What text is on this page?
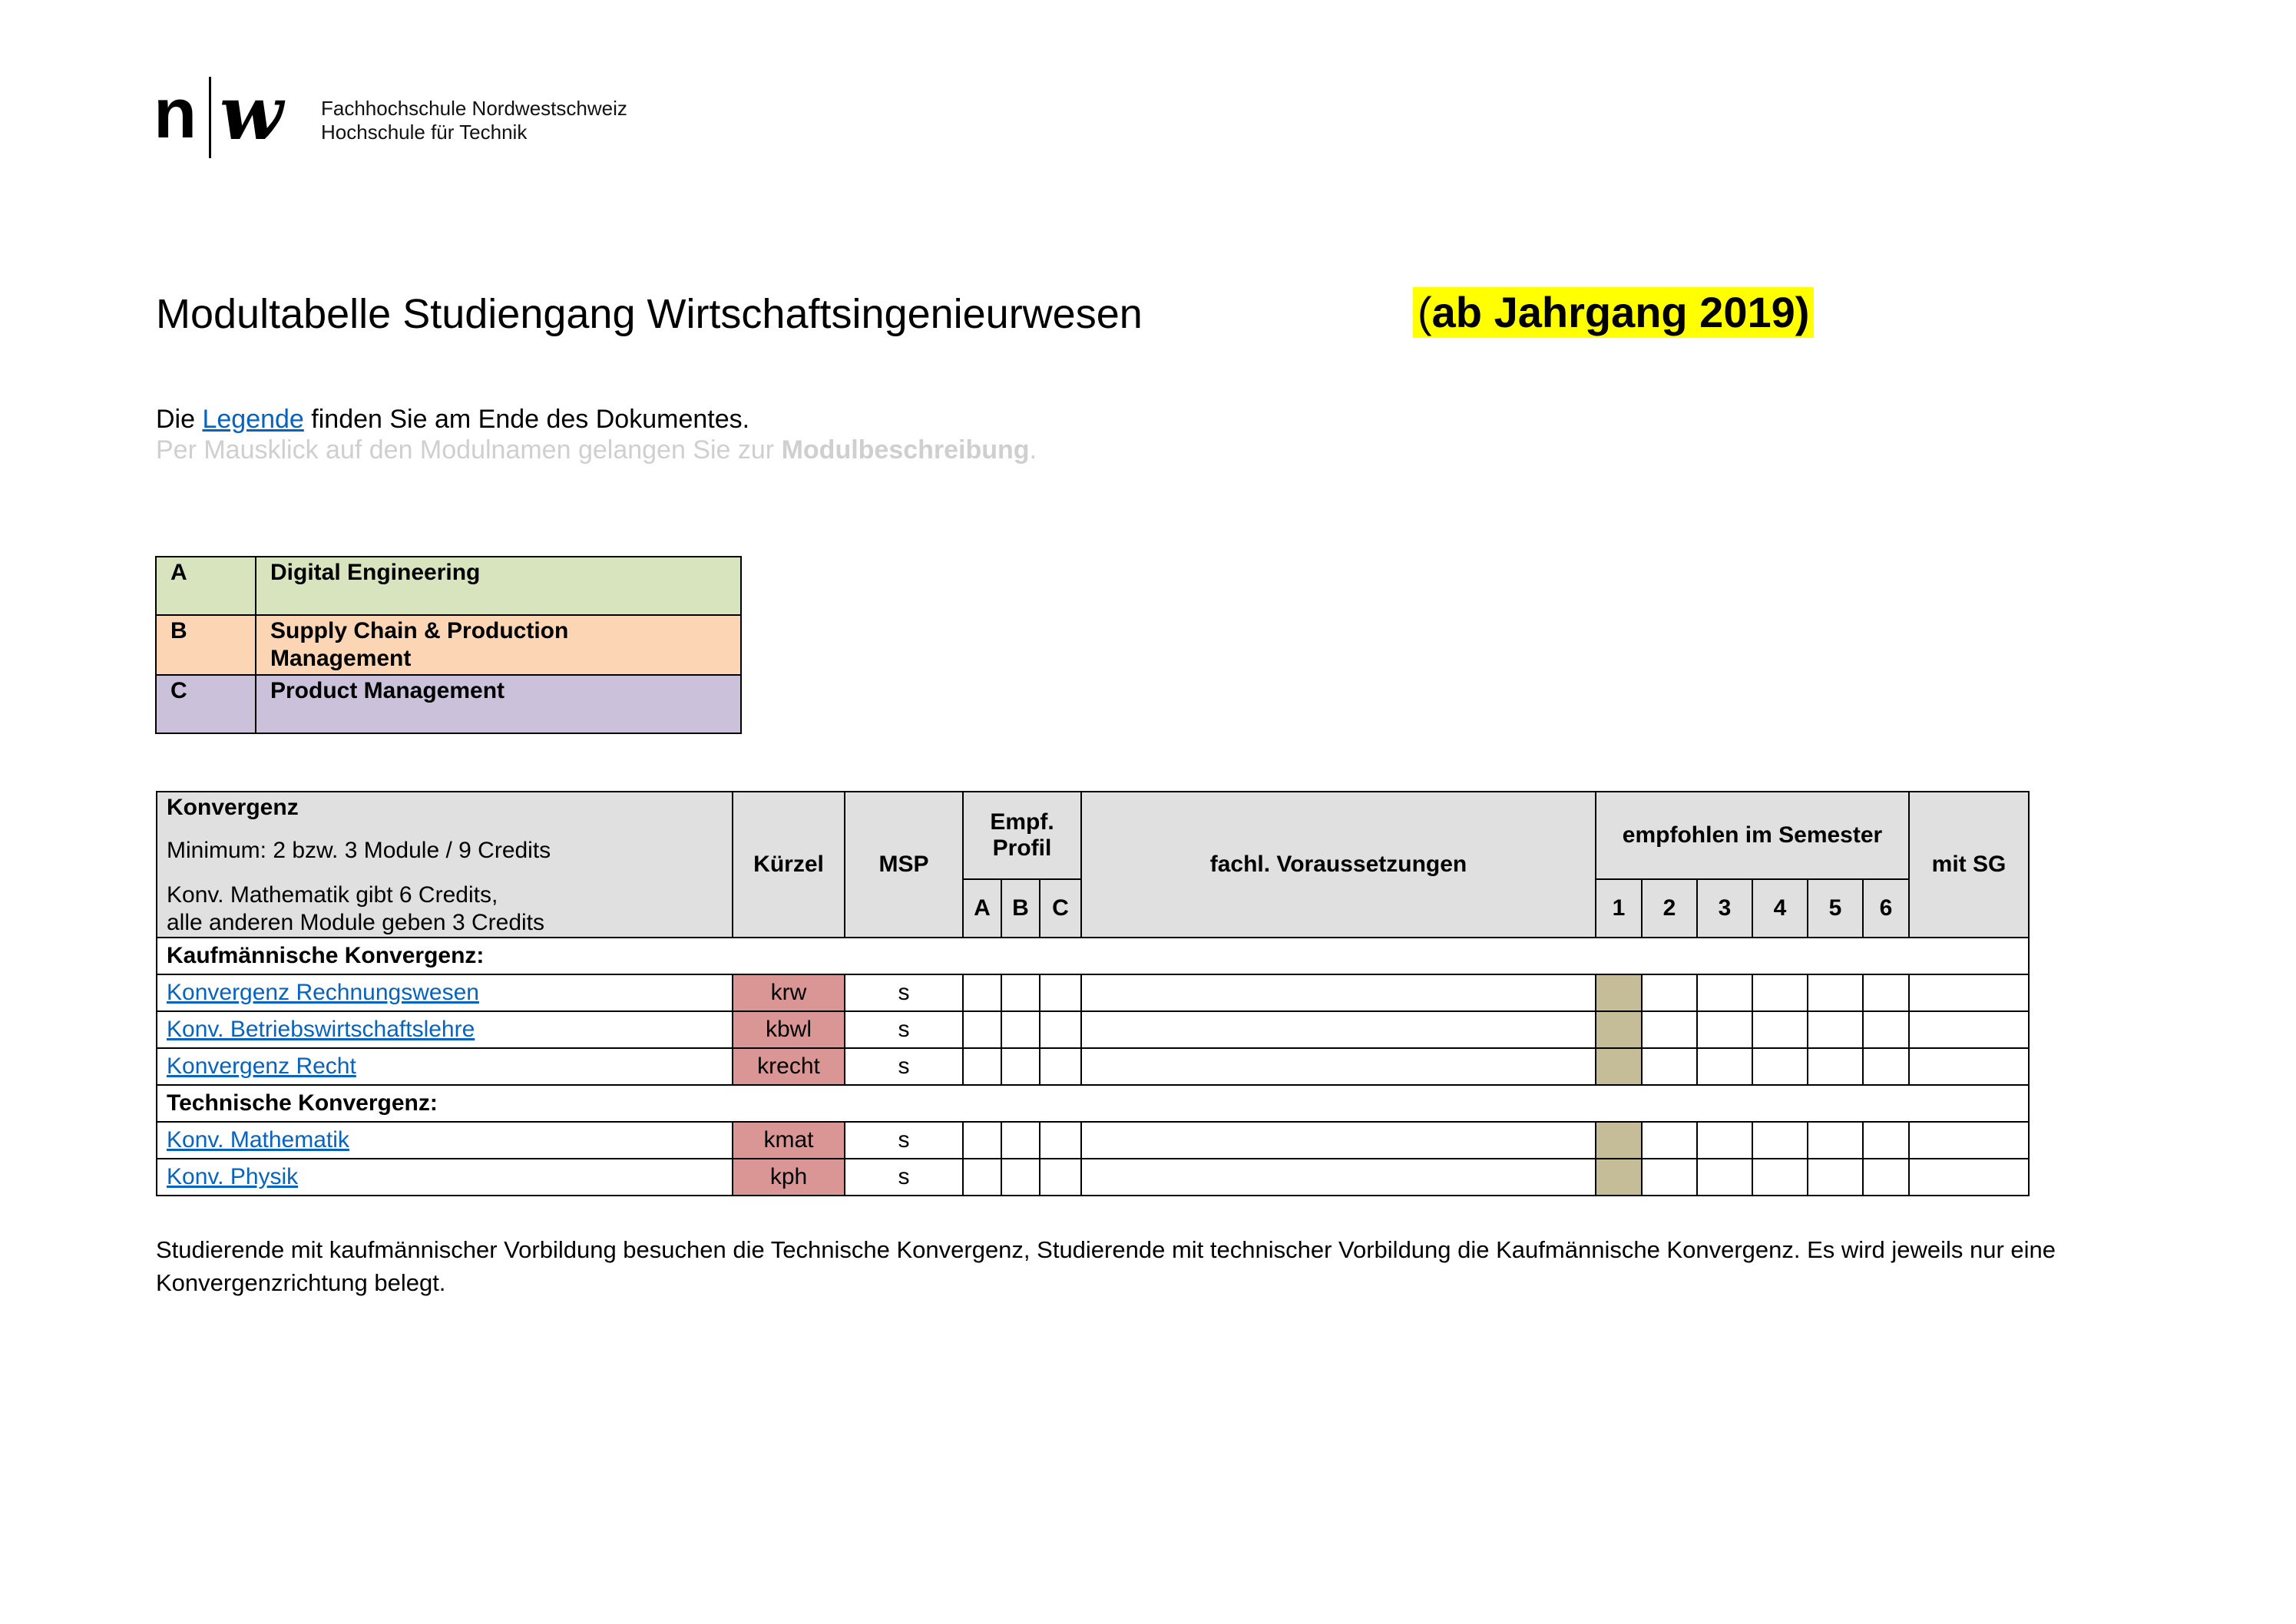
n w Fachhochschule Nordwestschweiz
Hochschule für Technik
Modultabelle Studiengang Wirtschaftsingenieurwesen	(ab Jahrgang 2019)
Die Legende finden Sie am Ende des Dokumentes.
Per Mausklick auf den Modulnamen gelangen Sie zur Modulbeschreibung.
A	Digital Engineering
B	Supply Chain & Production Management
C	Product Management
Konvergenz
Minimum: 2 bzw. 3 Module / 9 Credits
Konv. Mathematik gibt 6 Credits,
alle anderen Module geben 3 Credits	Kürzel	MSP	Empf. Profil			fachl. Voraussetzungen	empfohlen im Semester						mit SG
			A	B	C		1	2	3	4	5	6	
Kaufmännische Konvergenz:													
Konvergenz Rechnungswesen	krw	s											
Konv. Betriebswirtschaftslehre	kbwl	s											
Konvergenz Recht	krecht	s											
Technische Konvergenz:													
Konv. Mathematik	kmat	s											
Konv. Physik	kph	s											
Studierende mit kaufmännischer Vorbildung besuchen die Technische Konvergenz, Studierende mit technischer Vorbildung die Kaufmännische Konvergenz. Es wird jeweils nur eine Konvergenzrichtung belegt.
